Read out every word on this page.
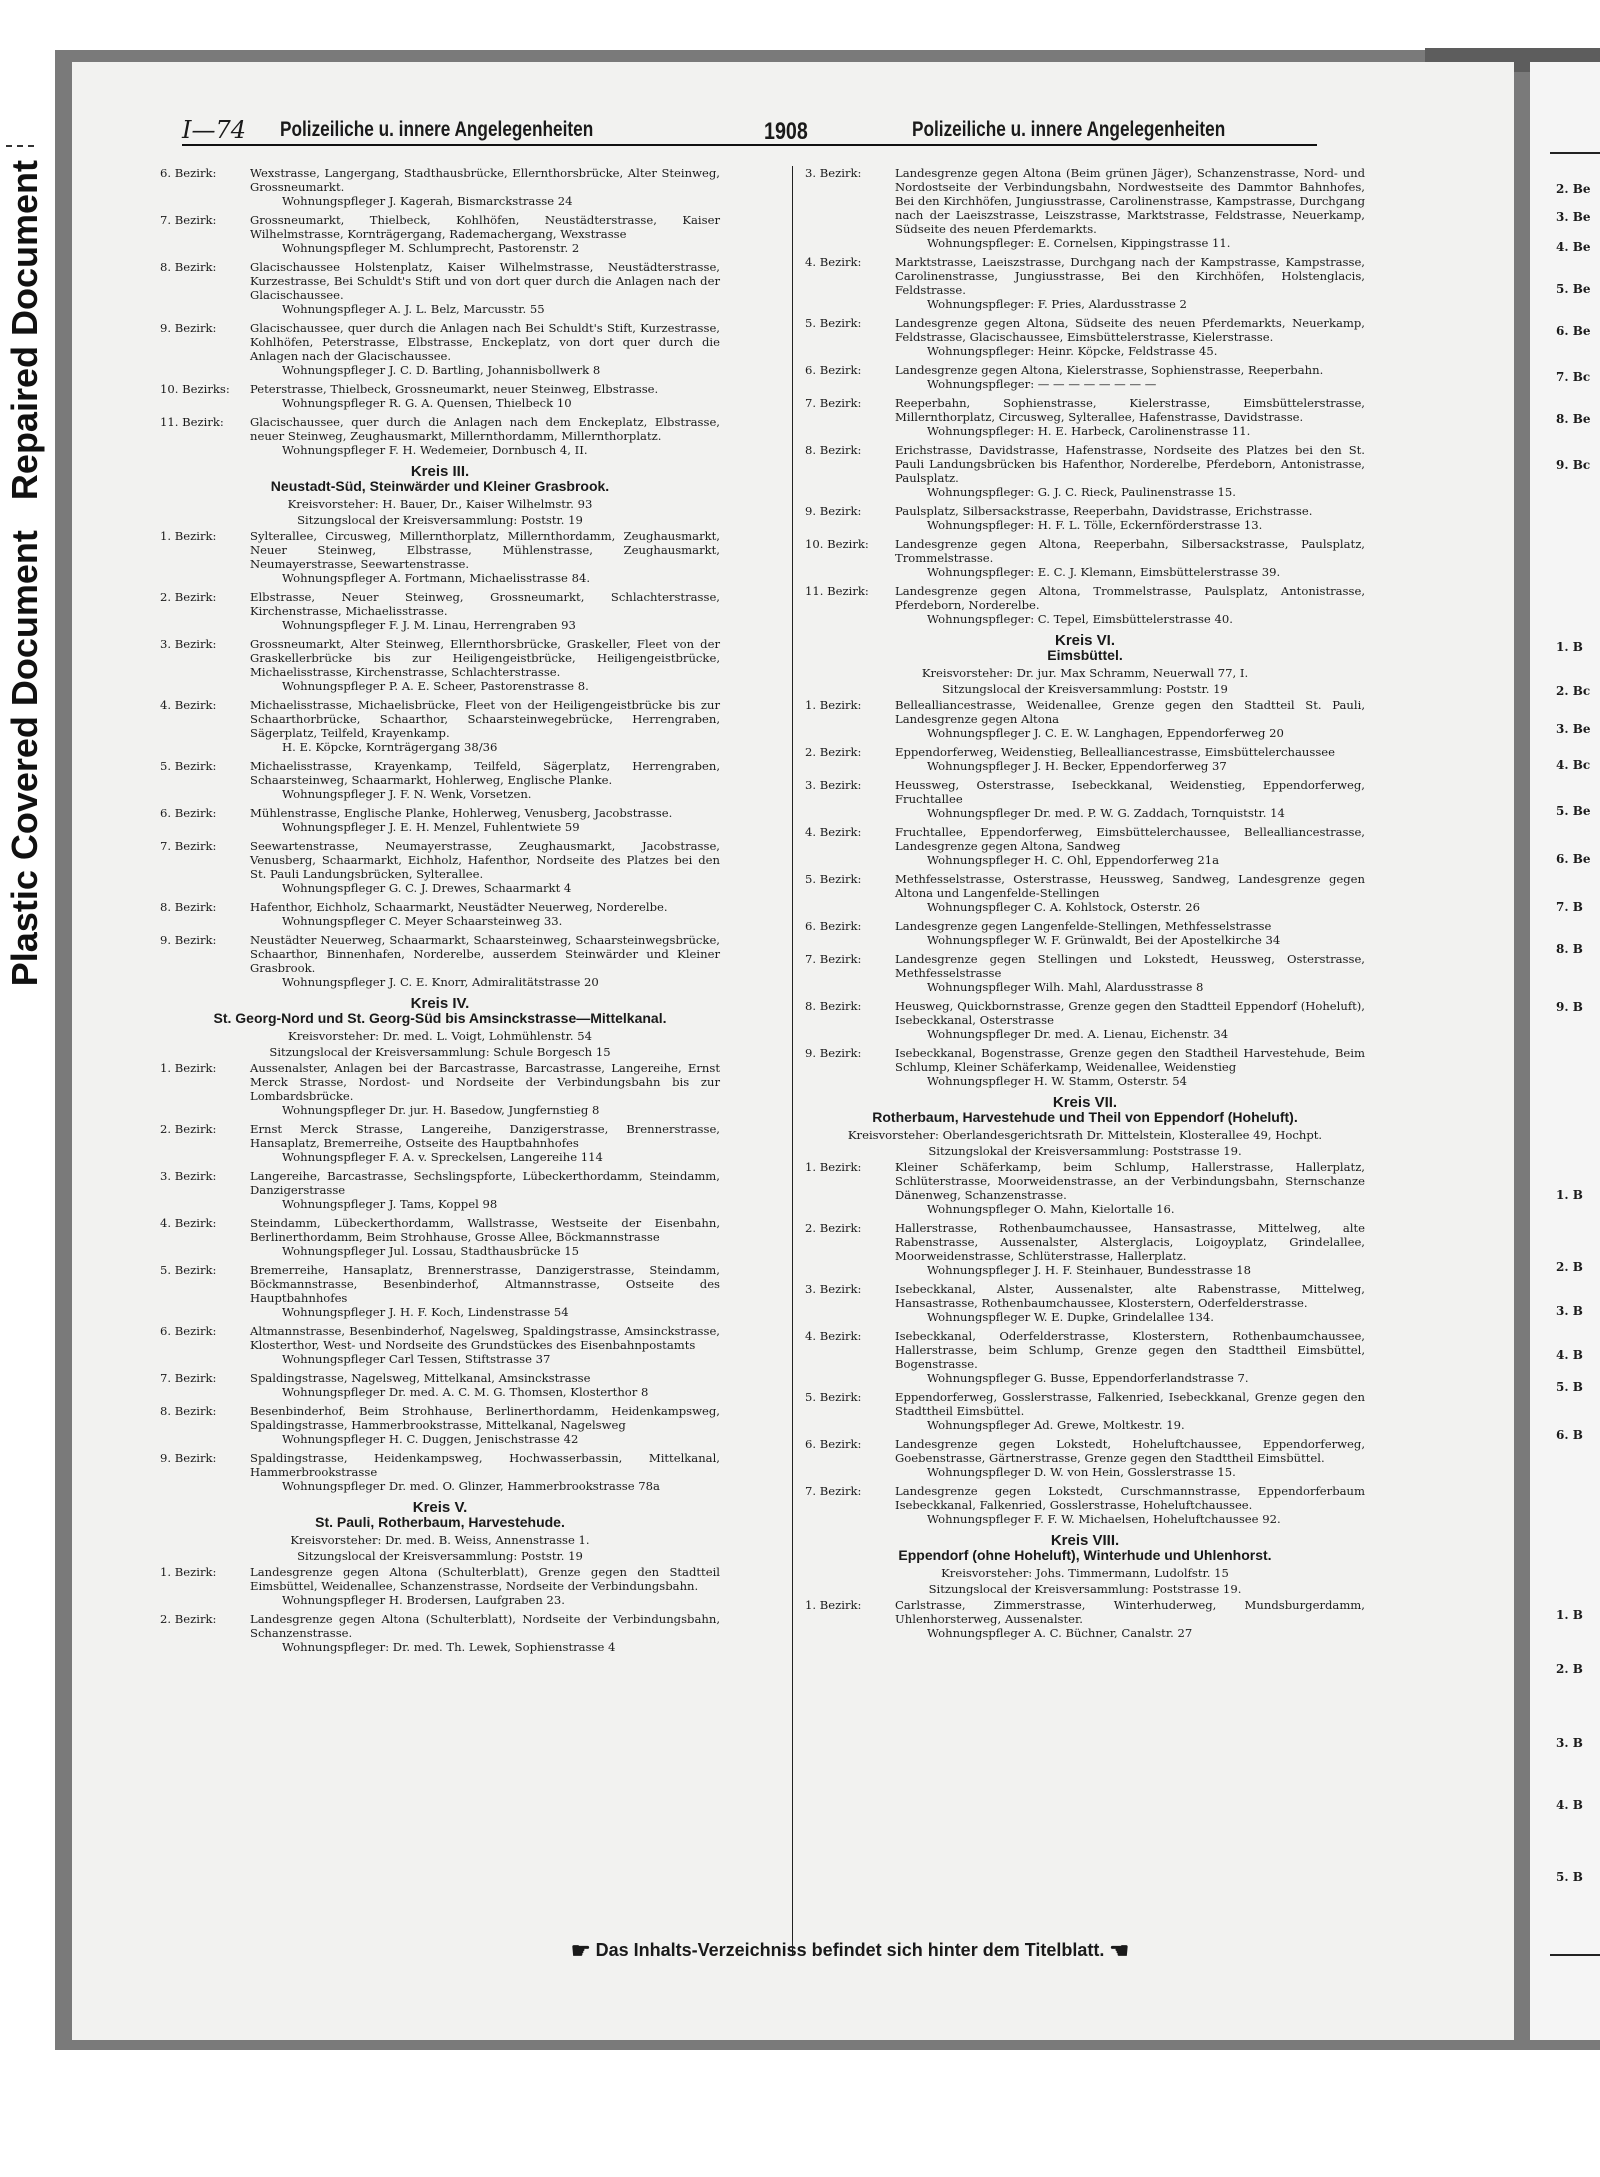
Plastic Covered Document
Repaired Document	2. Be
3. Be
4. Be
5. Be
6. Be
7. Bc
8. Be
9. Bc
1. B
2. Bc
3. Be
4. Bc
5. Be
6. Be
7. B
8. B
9. B
1. B
2. B
3. B
4. B
5. B
6. B
1. B
2. B
3. B
4. B
5. B
I—74 Polizeiliche u. innere Angelegenheiten	1908	Polizeiliche u. innere Angelegenheiten
6. Bezirk:	Wexstrasse, Langergang, Stadthausbrücke, Ellernthorsbrücke, Alter Steinweg, Grossneumarkt.
Wohnungspfleger J. Kagerah, Bismarckstrasse 24
7. Bezirk:	Grossneumarkt, Thielbeck, Kohlhöfen, Neustädterstrasse, Kaiser Wilhelmstrasse, Kornträgergang, Rademachergang, Wexstrasse
Wohnungspfleger M. Schlumprecht, Pastorenstr. 2
8. Bezirk:	Glacischaussee Holstenplatz, Kaiser Wilhelmstrasse, Neustädterstrasse, Kurzestrasse, Bei Schuldt's Stift und von dort quer durch die Anlagen nach der Glacischaussee.
Wohnungspfleger A. J. L. Belz, Marcusstr. 55
9. Bezirk:	Glacischaussee, quer durch die Anlagen nach Bei Schuldt's Stift, Kurzestrasse, Kohlhöfen, Peterstrasse, Elbstrasse, Enckeplatz, von dort quer durch die Anlagen nach der Glacischaussee.
Wohnungspfleger J. C. D. Bartling, Johannisbollwerk 8
10. Bezirks:	Peterstrasse, Thielbeck, Grossneumarkt, neuer Steinweg, Elbstrasse.
Wohnungspfleger R. G. A. Quensen, Thielbeck 10
11. Bezirk:	Glacischaussee, quer durch die Anlagen nach dem Enckeplatz, Elbstrasse, neuer Steinweg, Zeughausmarkt, Millernthordamm, Millernthorplatz.
Wohnungspfleger F. H. Wedemeier, Dornbusch 4, II.
Kreis III.
Neustadt-Süd, Steinwärder und Kleiner Grasbrook.
Kreisvorsteher: H. Bauer, Dr., Kaiser Wilhelmstr. 93
Sitzungslocal der Kreisversammlung: Poststr. 19
1. Bezirk:	Sylterallee, Circusweg, Millernthorplatz, Millernthordamm, Zeughausmarkt, Neuer Steinweg, Elbstrasse, Mühlenstrasse, Zeughausmarkt, Neumayerstrasse, Seewartenstrasse.
Wohnungspfleger A. Fortmann, Michaelisstrasse 84.
2. Bezirk:	Elbstrasse, Neuer Steinweg, Grossneumarkt, Schlachterstrasse, Kirchenstrasse, Michaelisstrasse.
Wohnungspfleger F. J. M. Linau, Herrengraben 93
3. Bezirk:	Grossneumarkt, Alter Steinweg, Ellernthorsbrücke, Graskeller, Fleet von der Graskellerbrücke bis zur Heiligengeistbrücke, Heiligengeistbrücke, Michaelisstrasse, Kirchenstrasse, Schlachterstrasse.
Wohnungspfleger P. A. E. Scheer, Pastorenstrasse 8.
4. Bezirk:	Michaelisstrasse, Michaelisbrücke, Fleet von der Heiligengeistbrücke bis zur Schaarthorbrücke, Schaarthor, Schaarsteinwegebrücke, Herrengraben, Sägerplatz, Teilfeld, Krayenkamp.
H. E. Köpcke, Kornträgergang 38/36
5. Bezirk:	Michaelisstrasse, Krayenkamp, Teilfeld, Sägerplatz, Herrengraben, Schaarsteinweg, Schaarmarkt, Hohlerweg, Englische Planke.
Wohnungspfleger J. F. N. Wenk, Vorsetzen.
6. Bezirk:	Mühlenstrasse, Englische Planke, Hohlerweg, Venusberg, Jacobstrasse.
Wohnungspfleger J. E. H. Menzel, Fuhlentwiete 59
7. Bezirk:	Seewartenstrasse, Neumayerstrasse, Zeughausmarkt, Jacobstrasse, Venusberg, Schaarmarkt, Eichholz, Hafenthor, Nordseite des Platzes bei den St. Pauli Landungsbrücken, Sylterallee.
Wohnungspfleger G. C. J. Drewes, Schaarmarkt 4
8. Bezirk:	Hafenthor, Eichholz, Schaarmarkt, Neustädter Neuerweg, Norderelbe.
Wohnungspfleger C. Meyer Schaarsteinweg 33.
9. Bezirk:	Neustädter Neuerweg, Schaarmarkt, Schaarsteinweg, Schaarsteinwegsbrücke, Schaarthor, Binnenhafen, Norderelbe, ausserdem Steinwärder und Kleiner Grasbrook.
Wohnungspfleger J. C. E. Knorr, Admiralitätstrasse 20
Kreis IV.
St. Georg-Nord und St. Georg-Süd bis Amsinckstrasse—Mittelkanal.
Kreisvorsteher: Dr. med. L. Voigt, Lohmühlenstr. 54
Sitzungslocal der Kreisversammlung: Schule Borgesch 15
1. Bezirk:	Aussenalster, Anlagen bei der Barcastrasse, Barcastrasse, Langereihe, Ernst Merck Strasse, Nordost- und Nordseite der Verbindungsbahn bis zur Lombardsbrücke.
Wohnungspfleger Dr. jur. H. Basedow, Jungfernstieg 8
2. Bezirk:	Ernst Merck Strasse, Langereihe, Danzigerstrasse, Brennerstrasse, Hansaplatz, Bremerreihe, Ostseite des Hauptbahnhofes
Wohnungspfleger F. A. v. Spreckelsen, Langereihe 114
3. Bezirk:	Langereihe, Barcastrasse, Sechslingspforte, Lübeckerthordamm, Steindamm, Danzigerstrasse
Wohnungspfleger J. Tams, Koppel 98
4. Bezirk:	Steindamm, Lübeckerthordamm, Wallstrasse, Westseite der Eisenbahn, Berlinerthordamm, Beim Strohhause, Grosse Allee, Böckmannstrasse
Wohnungspfleger Jul. Lossau, Stadthausbrücke 15
5. Bezirk:	Bremerreihe, Hansaplatz, Brennerstrasse, Danzigerstrasse, Steindamm, Böckmannstrasse, Besenbinderhof, Altmannstrasse, Ostseite des Hauptbahnhofes
Wohnungspfleger J. H. F. Koch, Lindenstrasse 54
6. Bezirk:	Altmannstrasse, Besenbinderhof, Nagelsweg, Spaldingstrasse, Amsinckstrasse, Klosterthor, West- und Nordseite des Grundstückes des Eisenbahnpostamts
Wohnungspfleger Carl Tessen, Stiftstrasse 37
7. Bezirk:	Spaldingstrasse, Nagelsweg, Mittelkanal, Amsinckstrasse
Wohnungspfleger Dr. med. A. C. M. G. Thomsen, Klosterthor 8
8. Bezirk:	Besenbinderhof, Beim Strohhause, Berlinerthordamm, Heidenkampsweg, Spaldingstrasse, Hammerbrookstrasse, Mittelkanal, Nagelsweg
Wohnungspfleger H. C. Duggen, Jenischstrasse 42
9. Bezirk:	Spaldingstrasse, Heidenkampsweg, Hochwasserbassin, Mittelkanal, Hammerbrookstrasse
Wohnungspfleger Dr. med. O. Glinzer, Hammerbrookstrasse 78a
Kreis V.
St. Pauli, Rotherbaum, Harvestehude.
Kreisvorsteher: Dr. med. B. Weiss, Annenstrasse 1.
Sitzungslocal der Kreisversammlung: Poststr. 19
1. Bezirk:	Landesgrenze gegen Altona (Schulterblatt), Grenze gegen den Stadtteil Eimsbüttel, Weidenallee, Schanzenstrasse, Nordseite der Verbindungsbahn.
Wohnungspfleger H. Brodersen, Laufgraben 23.
2. Bezirk:	Landesgrenze gegen Altona (Schulterblatt), Nordseite der Verbindungsbahn, Schanzenstrasse.
Wohnungspfleger: Dr. med. Th. Lewek, Sophienstrasse 4
3. Bezirk:	Landesgrenze gegen Altona (Beim grünen Jäger), Schanzenstrasse, Nord- und Nordostseite der Verbindungsbahn, Nordwestseite des Dammtor Bahnhofes, Bei den Kirchhöfen, Jungiusstrasse, Carolinenstrasse, Kampstrasse, Durchgang nach der Laeiszstrasse, Leiszstrasse, Marktstrasse, Feldstrasse, Neuerkamp, Südseite des neuen Pferdemarkts.
Wohnungspfleger: E. Cornelsen, Kippingstrasse 11.
4. Bezirk:	Marktstrasse, Laeiszstrasse, Durchgang nach der Kampstrasse, Kampstrasse, Carolinenstrasse, Jungiusstrasse, Bei den Kirchhöfen, Holstenglacis, Feldstrasse.
Wohnungspfleger: F. Pries, Alardusstrasse 2
5. Bezirk:	Landesgrenze gegen Altona, Südseite des neuen Pferdemarkts, Neuerkamp, Feldstrasse, Glacischaussee, Eimsbüttelerstrasse, Kielerstrasse.
Wohnungspfleger: Heinr. Köpcke, Feldstrasse 45.
6. Bezirk:	Landesgrenze gegen Altona, Kielerstrasse, Sophienstrasse, Reeperbahn.
Wohnungspfleger: — — — — — — — —
7. Bezirk:	Reeperbahn, Sophienstrasse, Kielerstrasse, Eimsbüttelerstrasse, Millernthorplatz, Circusweg, Sylterallee, Hafenstrasse, Davidstrasse.
Wohnungspfleger: H. E. Harbeck, Carolinenstrasse 11.
8. Bezirk:	Erichstrasse, Davidstrasse, Hafenstrasse, Nordseite des Platzes bei den St. Pauli Landungsbrücken bis Hafenthor, Norderelbe, Pferdeborn, Antonistrasse, Paulsplatz.
Wohnungspfleger: G. J. C. Rieck, Paulinenstrasse 15.
9. Bezirk:	Paulsplatz, Silbersackstrasse, Reeperbahn, Davidstrasse, Erichstrasse.
Wohnungspfleger: H. F. L. Tölle, Eckernförderstrasse 13.
10. Bezirk:	Landesgrenze gegen Altona, Reeperbahn, Silbersackstrasse, Paulsplatz, Trommelstrasse.
Wohnungspfleger: E. C. J. Klemann, Eimsbüttelerstrasse 39.
11. Bezirk:	Landesgrenze gegen Altona, Trommelstrasse, Paulsplatz, Antonistrasse, Pferdeborn, Norderelbe.
Wohnungspfleger: C. Tepel, Eimsbüttelerstrasse 40.
Kreis VI.
Eimsbüttel.
Kreisvorsteher: Dr. jur. Max Schramm, Neuerwall 77, I.
Sitzungslocal der Kreisversammlung: Poststr. 19
1. Bezirk:	Bellealliancestrasse, Weidenallee, Grenze gegen den Stadtteil St. Pauli, Landesgrenze gegen Altona
Wohnungspfleger J. C. E. W. Langhagen, Eppendorferweg 20
2. Bezirk:	Eppendorferweg, Weidenstieg, Bellealliancestrasse, Eimsbüttelerchaussee
Wohnungspfleger J. H. Becker, Eppendorferweg 37
3. Bezirk:	Heussweg, Osterstrasse, Isebeckkanal, Weidenstieg, Eppendorferweg, Fruchtallee
Wohnungspfleger Dr. med. P. W. G. Zaddach, Tornquiststr. 14
4. Bezirk:	Fruchtallee, Eppendorferweg, Eimsbüttelerchaussee, Bellealliancestrasse, Landesgrenze gegen Altona, Sandweg
Wohnungspfleger H. C. Ohl, Eppendorferweg 21a
5. Bezirk:	Methfesselstrasse, Osterstrasse, Heussweg, Sandweg, Landesgrenze gegen Altona und Langenfelde-Stellingen
Wohnungspfleger C. A. Kohlstock, Osterstr. 26
6. Bezirk:	Landesgrenze gegen Langenfelde-Stellingen, Methfesselstrasse
Wohnungspfleger W. F. Grünwaldt, Bei der Apostelkirche 34
7. Bezirk:	Landesgrenze gegen Stellingen und Lokstedt, Heussweg, Osterstrasse, Methfesselstrasse
Wohnungspfleger Wilh. Mahl, Alardusstrasse 8
8. Bezirk:	Heusweg, Quickbornstrasse, Grenze gegen den Stadtteil Eppendorf (Hoheluft), Isebeckkanal, Osterstrasse
Wohnungspfleger Dr. med. A. Lienau, Eichenstr. 34
9. Bezirk:	Isebeckkanal, Bogenstrasse, Grenze gegen den Stadtheil Harvestehude, Beim Schlump, Kleiner Schäferkamp, Weidenallee, Weidenstieg
Wohnungspfleger H. W. Stamm, Osterstr. 54
Kreis VII.
Rotherbaum, Harvestehude und Theil von Eppendorf (Hoheluft).
Kreisvorsteher: Oberlandesgerichtsrath Dr. Mittelstein, Klosterallee 49, Hochpt.
Sitzungslokal der Kreisversammlung: Poststrasse 19.
1. Bezirk:	Kleiner Schäferkamp, beim Schlump, Hallerstrasse, Hallerplatz, Schlüterstrasse, Moorweidenstrasse, an der Verbindungsbahn, Sternschanze Dänenweg, Schanzenstrasse.
Wohnungspfleger O. Mahn, Kielortalle 16.
2. Bezirk:	Hallerstrasse, Rothenbaumchaussee, Hansastrasse, Mittelweg, alte Rabenstrasse, Aussenalster, Alsterglacis, Loigoyplatz, Grindelallee, Moorweidenstrasse, Schlüterstrasse, Hallerplatz.
Wohnungspfleger J. H. F. Steinhauer, Bundesstrasse 18
3. Bezirk:	Isebeckkanal, Alster, Aussenalster, alte Rabenstrasse, Mittelweg, Hansastrasse, Rothenbaumchaussee, Klosterstern, Oderfelderstrasse.
Wohnungspfleger W. E. Dupke, Grindelallee 134.
4. Bezirk:	Isebeckkanal, Oderfelderstrasse, Klosterstern, Rothenbaumchaussee, Hallerstrasse, beim Schlump, Grenze gegen den Stadttheil Eimsbüttel, Bogenstrasse.
Wohnungspfleger G. Busse, Eppendorferlandstrasse 7.
5. Bezirk:	Eppendorferweg, Gosslerstrasse, Falkenried, Isebeckkanal, Grenze gegen den Stadttheil Eimsbüttel.
Wohnungspfleger Ad. Grewe, Moltkestr. 19.
6. Bezirk:	Landesgrenze gegen Lokstedt, Hoheluftchaussee, Eppendorferweg, Goebenstrasse, Gärtnerstrasse, Grenze gegen den Stadttheil Eimsbüttel.
Wohnungspfleger D. W. von Hein, Gosslerstrasse 15.
7. Bezirk:	Landesgrenze gegen Lokstedt, Curschmannstrasse, Eppendorferbaum Isebeckkanal, Falkenried, Gosslerstrasse, Hoheluftchaussee.
Wohnungspfleger F. F. W. Michaelsen, Hoheluftchaussee 92.
Kreis VIII.
Eppendorf (ohne Hoheluft), Winterhude und Uhlenhorst.
Kreisvorsteher: Johs. Timmermann, Ludolfstr. 15
Sitzungslocal der Kreisversammlung: Poststrasse 19.
1. Bezirk:	Carlstrasse, Zimmerstrasse, Winterhuderweg, Mundsburgerdamm, Uhlenhorsterweg, Aussenalster.
Wohnungspfleger A. C. Büchner, Canalstr. 27
☛ Das Inhalts-Verzeichniss befindet sich hinter dem Titelblatt. ☚
